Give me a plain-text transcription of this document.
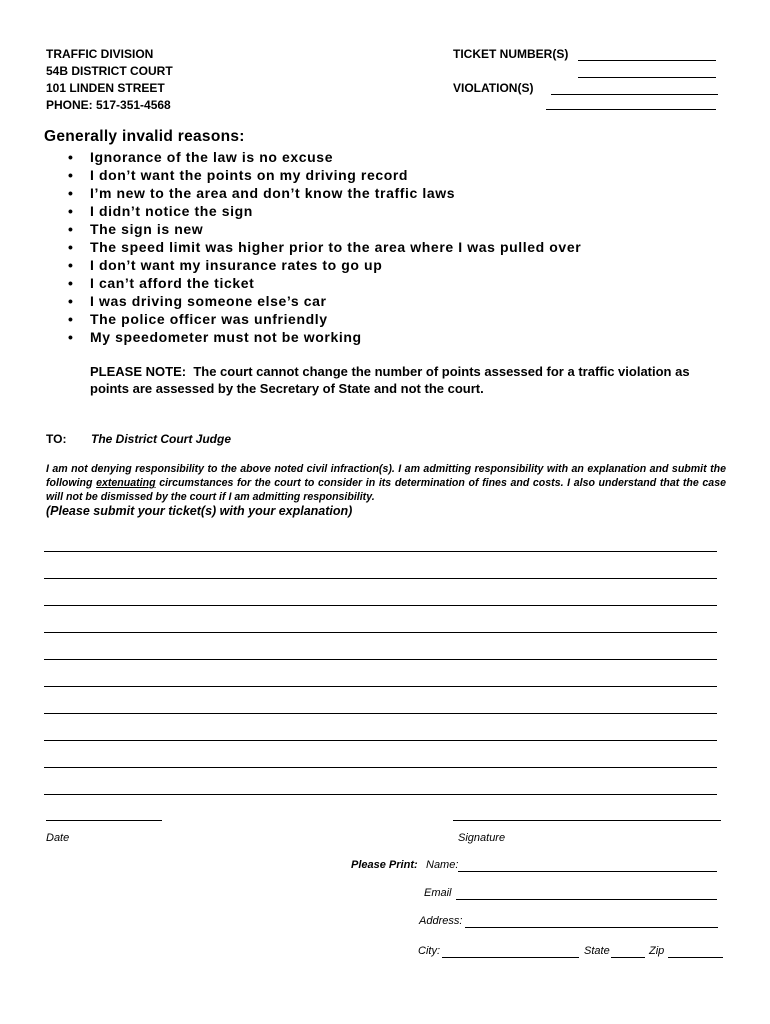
TRAFFIC DIVISION
54B DISTRICT COURT
101 LINDEN STREET
PHONE: 517-351-4568
TICKET NUMBER(S)
VIOLATION(S)
Generally invalid reasons:
• Ignorance of the law is no excuse
• I don’t want the points on my driving record
• I’m new to the area and don’t know the traffic laws
• I didn’t notice the sign
• The sign is new
• The speed limit was higher prior to the area where I was pulled over
• I don’t want my insurance rates to go up
• I can’t afford the ticket
• I was driving someone else’s car
• The police officer was unfriendly
• My speedometer must not be working
PLEASE NOTE: The court cannot change the number of points assessed for a traffic violation as points are assessed by the Secretary of State and not the court.
TO: The District Court Judge
I am not denying responsibility to the above noted civil infraction(s). I am admitting responsibility with an explanation and submit the following extenuating circumstances for the court to consider in its determination of fines and costs. I also understand that the case will not be dismissed by the court if I am admitting responsibility.
(Please submit your ticket(s) with your explanation)
Date	Signature
Please Print: Name:
Email
Address:
City:	State	Zip
